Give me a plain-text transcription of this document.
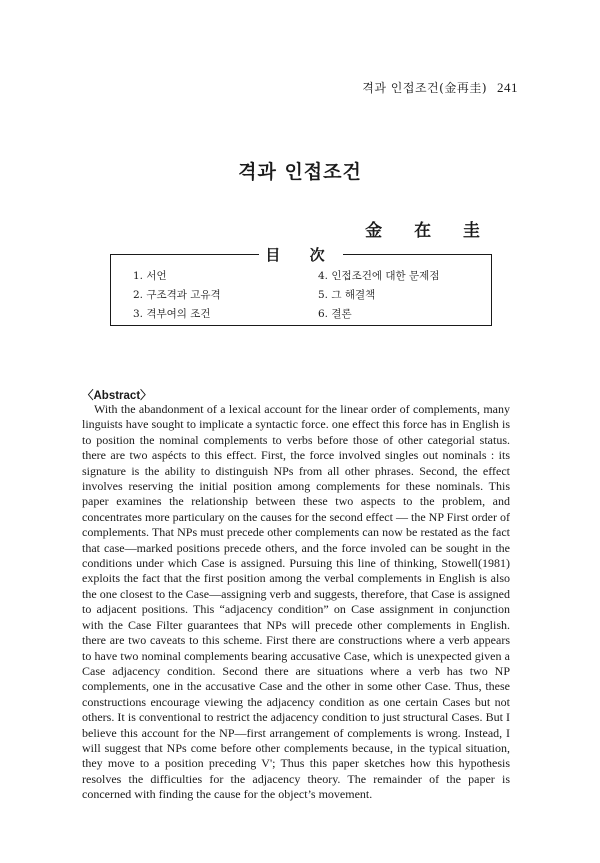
격과 인접조건(金再圭) 241
격과 인접조건
金 在 圭
目 次
1. 서언
2. 구조격과 고유격
3. 격부여의 조건
4. 인접조건에 대한 문제점
5. 그 해결책
6. 결론
〈Abstract〉

With the abandonment of a lexical account for the linear order of complements, many linguists have sought to implicate a syntactic force. one effect this force has in English is to position the nominal complements to verbs before those of other categorial status. there are two aspécts to this effect. First, the force involved singles out nominals : its signature is the ability to distinguish NPs from all other phrases. Second, the effect involves reserving the initial position among complements for these nominals. This paper examines the relationship between these two aspects to the problem, and concentrates more particulary on the causes for the second effect — the NP First order of complements. That NPs must precede other complements can now be restated as the fact that case—marked positions precede others, and the force involed can be sought in the conditions under which Case is assigned. Pursuing this line of thinking, Stowell(1981) exploits the fact that the first position among the verbal complements in English is also the one closest to the Case—assigning verb and suggests, therefore, that Case is assigned to adjacent positions. This “adjacency condition” on Case assignment in conjunction with the Case Filter guarantees that NPs will precede other complements in English. there are two caveats to this scheme. First there are constructions where a verb appears to have two nominal complements bearing accusative Case, which is unexpected given a Case adjacency condition. Second there are situations where a verb has two NP complements, one in the accusative Case and the other in some other Case. Thus, these constructions encourage viewing the adjacency condition as one certain Cases but not others. It is conventional to restrict the adjacency condition to just structural Cases. But I believe this account for the NP—first arrangement of complements is wrong. Instead, I will suggest that NPs come before other complements because, in the typical situation, they move to a position preceding V'; Thus this paper sketches how this hypothesis resolves the difficulties for the adjacency theory. The remainder of the paper is concerned with finding the cause for the object’s movement.
